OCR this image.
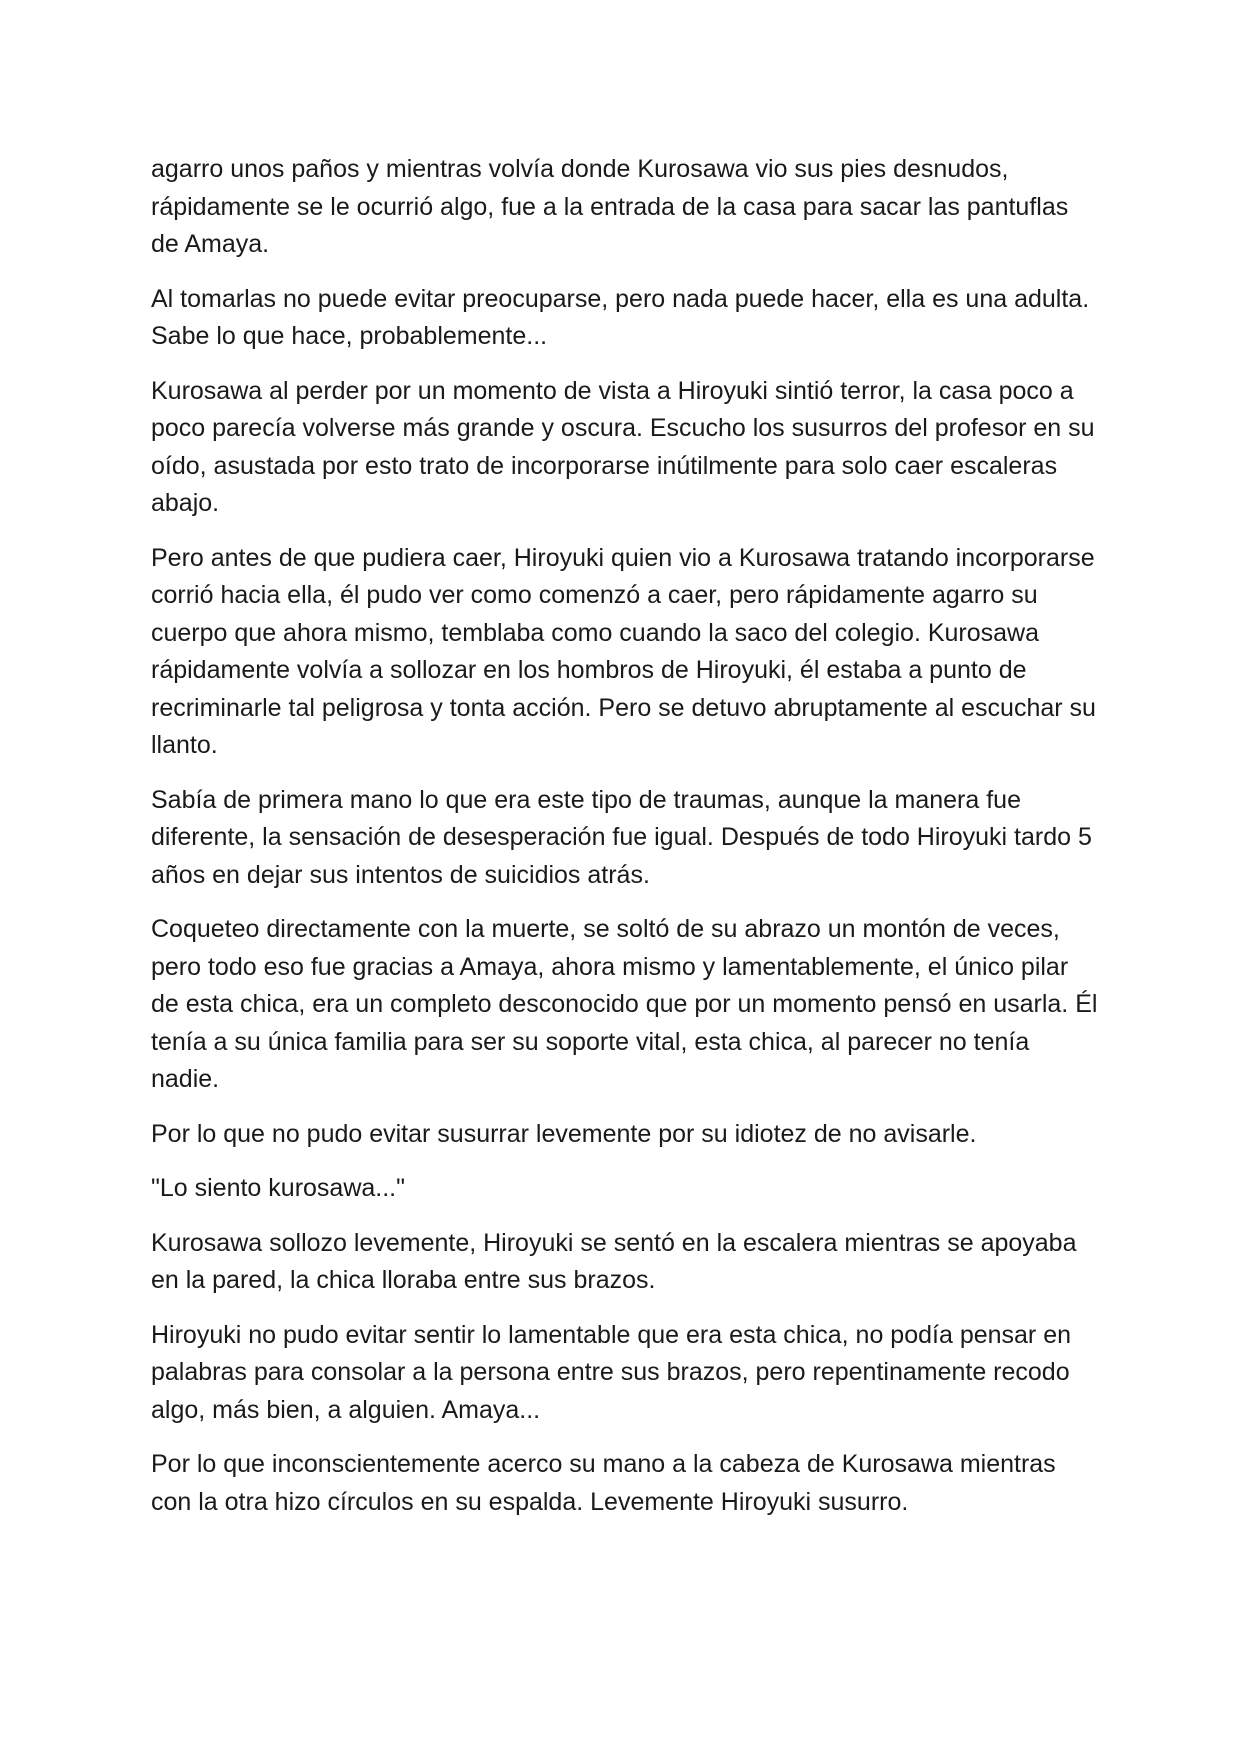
agarro unos paños y mientras volvía donde Kurosawa vio sus pies desnudos, rápidamente se le ocurrió algo, fue a la entrada de la casa para sacar las pantuflas de Amaya.

Al tomarlas no puede evitar preocuparse, pero nada puede hacer, ella es una adulta. Sabe lo que hace, probablemente...

Kurosawa al perder por un momento de vista a Hiroyuki sintió terror, la casa poco a poco parecía volverse más grande y oscura. Escucho los susurros del profesor en su oído, asustada por esto trato de incorporarse inútilmente para solo caer escaleras abajo.

Pero antes de que pudiera caer, Hiroyuki quien vio a Kurosawa tratando incorporarse corrió hacia ella, él pudo ver como comenzó a caer, pero rápidamente agarro su cuerpo que ahora mismo, temblaba como cuando la saco del colegio. Kurosawa rápidamente volvía a sollozar en los hombros de Hiroyuki, él estaba a punto de recriminarle tal peligrosa y tonta acción. Pero se detuvo abruptamente al escuchar su llanto.

Sabía de primera mano lo que era este tipo de traumas, aunque la manera fue diferente, la sensación de desesperación fue igual. Después de todo Hiroyuki tardo 5 años en dejar sus intentos de suicidios atrás.

Coqueteo directamente con la muerte, se soltó de su abrazo un montón de veces, pero todo eso fue gracias a Amaya, ahora mismo y lamentablemente, el único pilar de esta chica, era un completo desconocido que por un momento pensó en usarla. Él tenía a su única familia para ser su soporte vital, esta chica, al parecer no tenía nadie.

Por lo que no pudo evitar susurrar levemente por su idiotez de no avisarle.

"Lo siento kurosawa..."

Kurosawa sollozo levemente, Hiroyuki se sentó en la escalera mientras se apoyaba en la pared, la chica lloraba entre sus brazos.

Hiroyuki no pudo evitar sentir lo lamentable que era esta chica, no podía pensar en palabras para consolar a la persona entre sus brazos, pero repentinamente recodo algo, más bien, a alguien. Amaya...

Por lo que inconscientemente acerco su mano a la cabeza de Kurosawa mientras con la otra hizo círculos en su espalda. Levemente Hiroyuki susurro.
